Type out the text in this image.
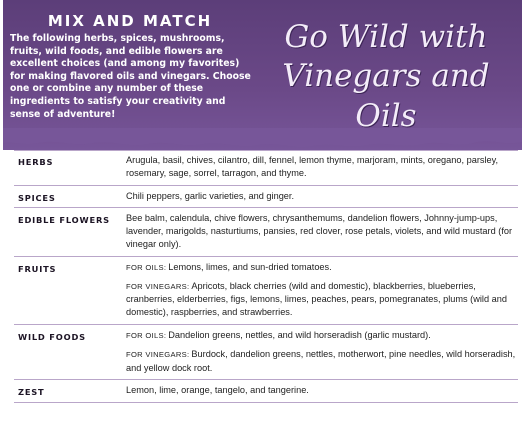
MIX AND MATCH
The following herbs, spices, mushrooms, fruits, wild foods, and edible flowers are excellent choices (and among my favorites) for making flavored oils and vinegars. Choose one or combine any number of these ingredients to satisfy your creativity and sense of adventure!
Go Wild with
Vinegars and Oils
HERBS	Arugula, basil, chives, cilantro, dill, fennel, lemon thyme, marjoram, mints, oregano, parsley, rosemary, sage, sorrel, tarragon, and thyme.

SPICES	Chili peppers, garlic varieties, and ginger.

EDIBLE FLOWERS	Bee balm, calendula, chive flowers, chrysanthemums, dandelion flowers, Johnny-jump-ups, lavender, marigolds, nasturtiums, pansies, red clover, rose petals, violets, and wild mustard (for vinegar only).

FRUITS	FOR OILS: Lemons, limes, and sun-dried tomatoes.

FOR VINEGARS: Apricots, black cherries (wild and domestic), blackberries, blueberries, cranberries, elderberries, figs, lemons, limes, peaches, pears, pomegranates, plums (wild and domestic), raspberries, and strawberries.

WILD FOODS	FOR OILS: Dandelion greens, nettles, and wild horseradish (garlic mustard).

FOR VINEGARS: Burdock, dandelion greens, nettles, motherwort, pine needles, wild horseradish, and yellow dock root.

ZEST	Lemon, lime, orange, tangelo, and tangerine.
